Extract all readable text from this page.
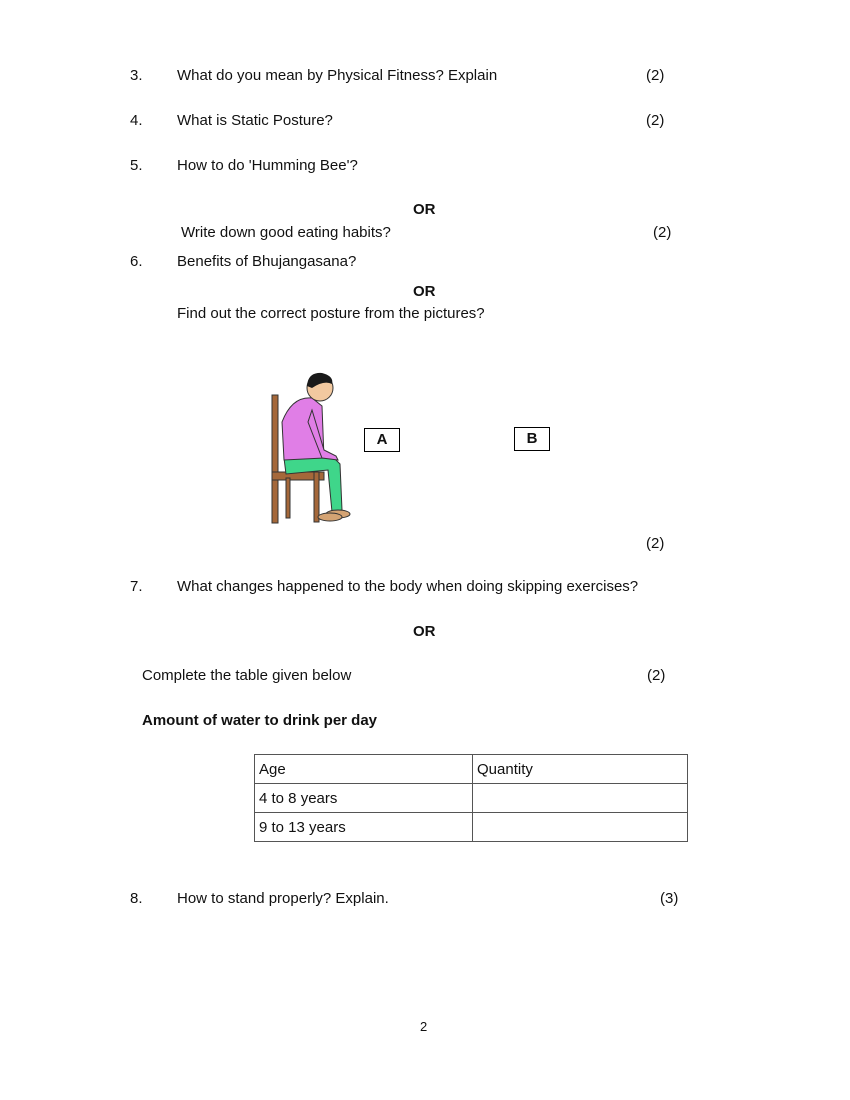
3. What do you mean by Physical Fitness? Explain	(2)
4. What is Static Posture?	(2)
5. How to do 'Humming Bee'?
OR
Write down good eating habits?	(2)
6. Benefits of Bhujangasana?
OR
Find out the correct posture from the pictures?
A	B
(2)
7. What changes happened to the body when doing skipping exercises?
OR
Complete the table given below	(2)
Amount of water to drink per day
Age	Quantity
4 to 8 years	
9 to 13 years	
8. How to stand properly? Explain.	(3)
2
